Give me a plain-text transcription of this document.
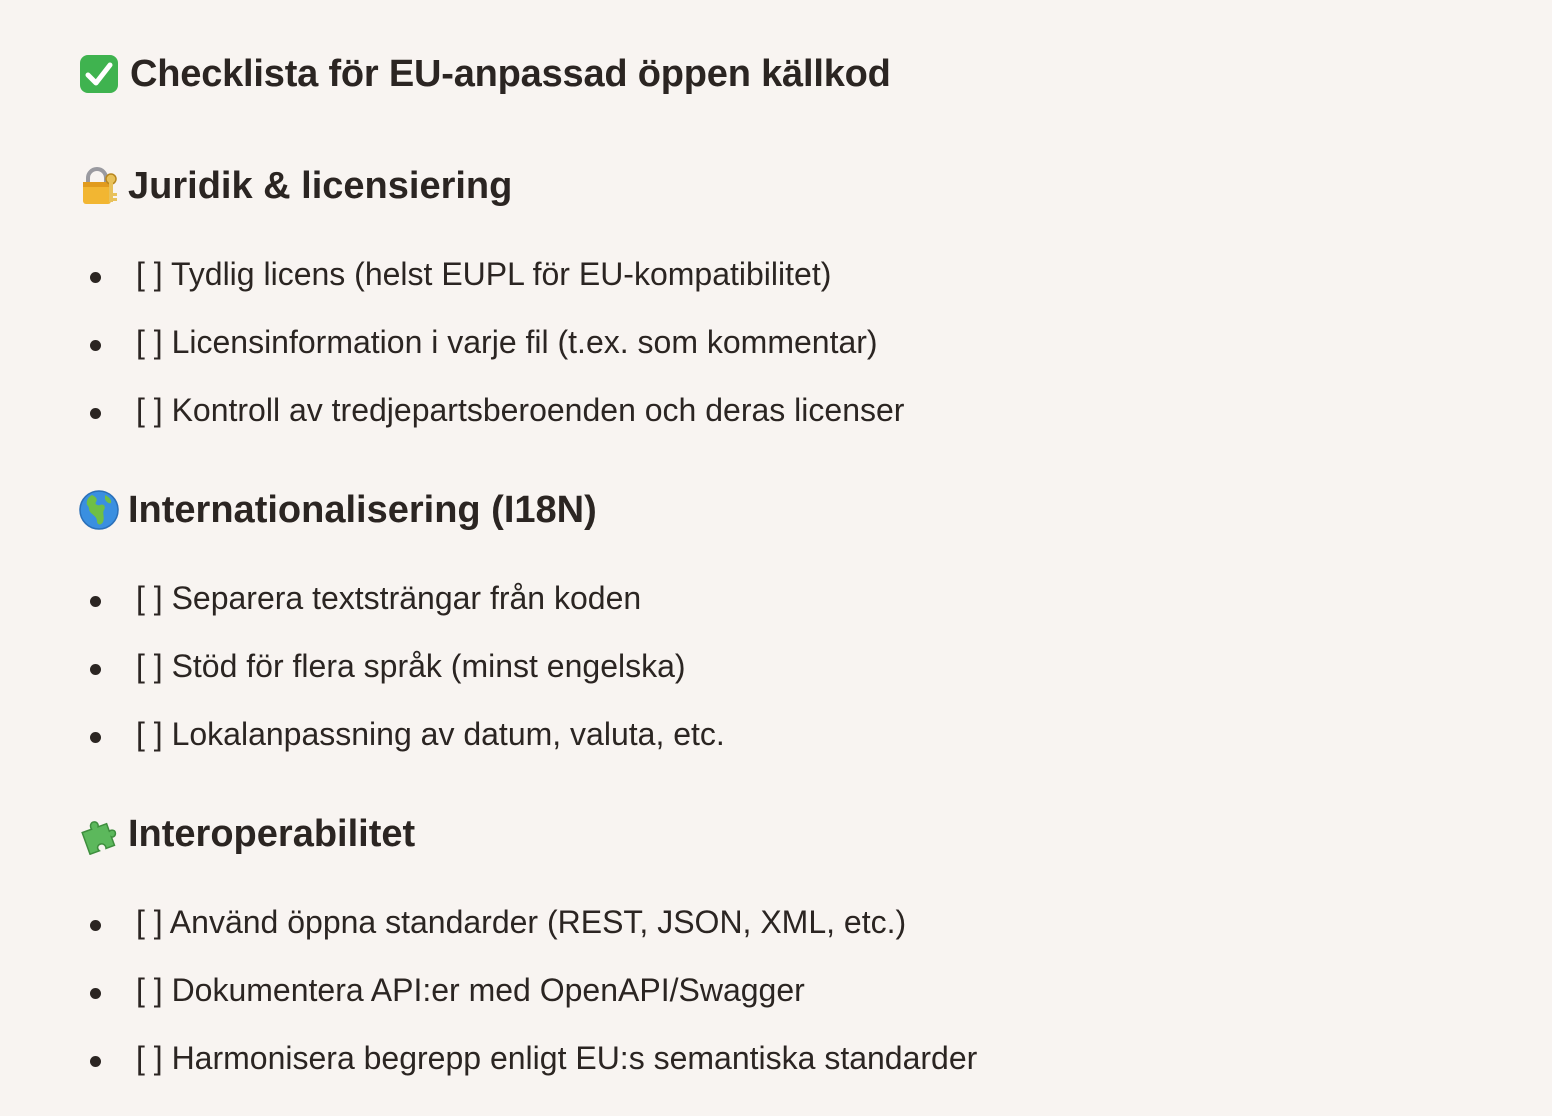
Checklista för EU-anpassad öppen källkod
Juridik & licensiering
[ ] Tydlig licens (helst EUPL för EU-kompatibilitet)
[ ] Licensinformation i varje fil (t.ex. som kommentar)
[ ] Kontroll av tredjepartsberoenden och deras licenser
Internationalisering (I18N)
[ ] Separera textsträngar från koden
[ ] Stöd för flera språk (minst engelska)
[ ] Lokalanpassning av datum, valuta, etc.
Interoperabilitet
[ ] Använd öppna standarder (REST, JSON, XML, etc.)
[ ] Dokumentera API:er med OpenAPI/Swagger
[ ] Harmonisera begrepp enligt EU:s semantiska standarder
